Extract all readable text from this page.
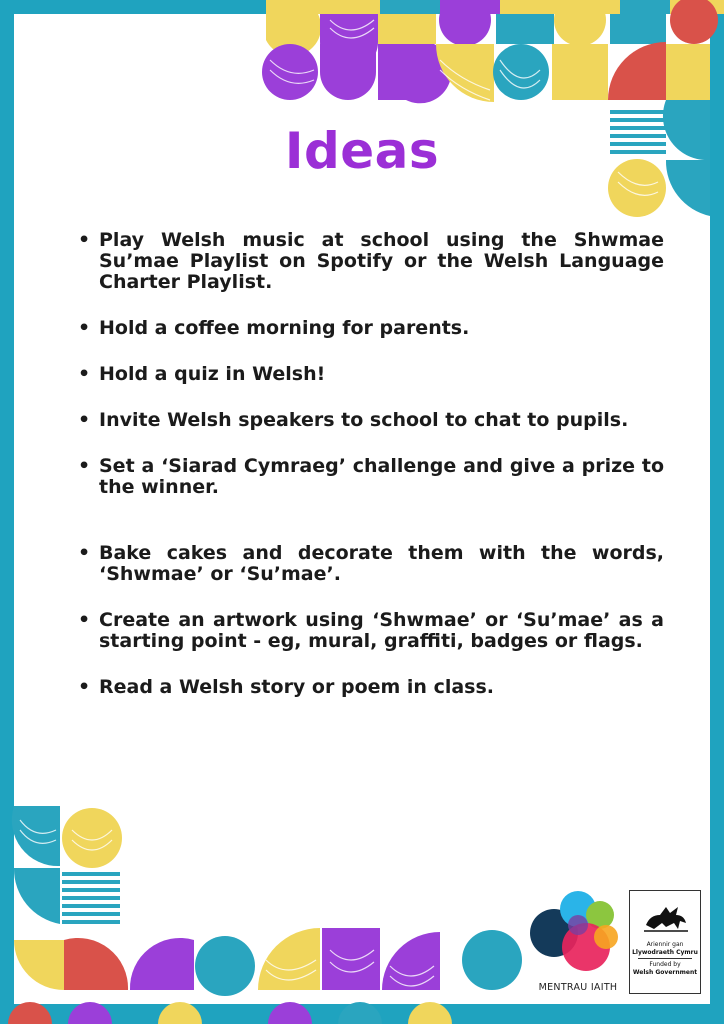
Ideas
• Play Welsh music at school using the Shwmae Su’mae Playlist on Spotify or the Welsh Language Charter Playlist.
• Hold a coffee morning for parents.
• Hold a quiz in Welsh!
• Invite Welsh speakers to school to chat to pupils.
• Set a ‘Siarad Cymraeg’ challenge and give a prize to the winner.
• Bake cakes and decorate them with the words, ‘Shwmae’ or ‘Su’mae’.
• Create an artwork using ‘Shwmae’ or ‘Su’mae’ as a starting point - eg, mural, graffiti, badges or flags.
• Read a Welsh story or poem in class.
MENTRAU IAITH
Ariennir gan
Llywodraeth Cymru
Funded by
Welsh Government
